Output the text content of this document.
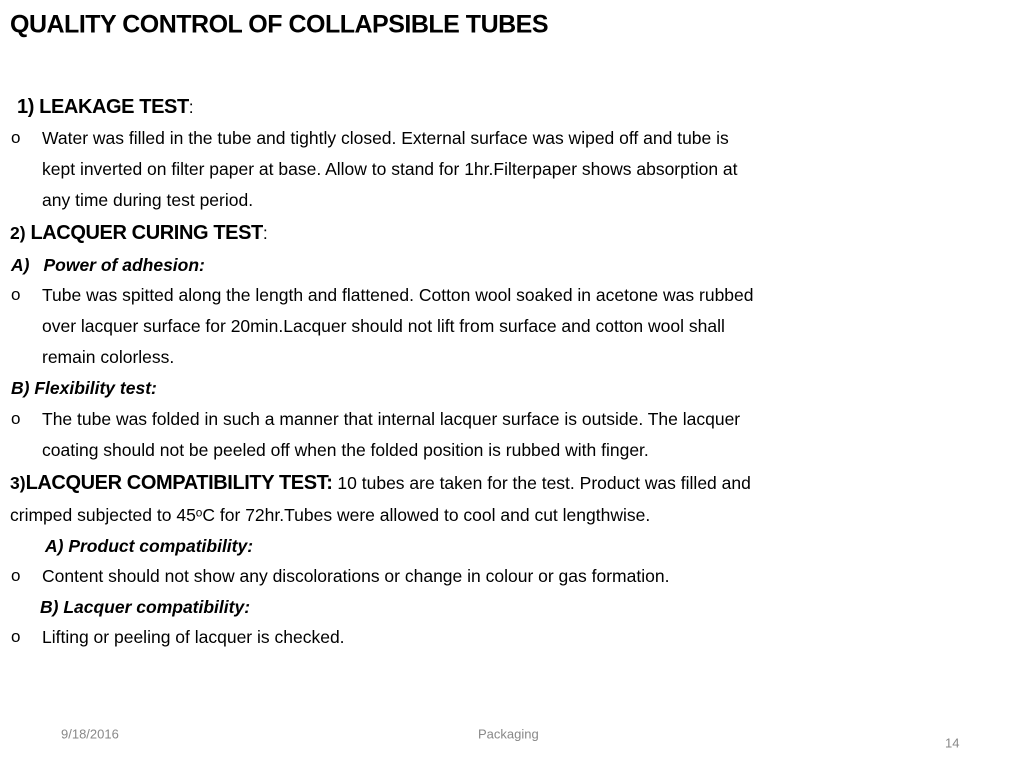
QUALITY CONTROL OF COLLAPSIBLE TUBES
1) LEAKAGE TEST:
o Water was filled in the tube and tightly closed. External surface was wiped off and tube is
kept inverted on filter paper at base. Allow to stand for 1hr.Filterpaper shows absorption at
any time during test period.
2) LACQUER CURING TEST:
A) Power of adhesion:
o Tube was spitted along the length and flattened. Cotton wool soaked in acetone was rubbed
over lacquer surface for 20min.Lacquer should not lift from surface and cotton wool shall
remain colorless.
B) Flexibility test:
o The tube was folded in such a manner that internal lacquer surface is outside. The lacquer
coating should not be peeled off when the folded position is rubbed with finger.
3)LACQUER COMPATIBILITY TEST: 10 tubes are taken for the test. Product was filled and
crimped subjected to 45ᵒC for 72hr.Tubes were allowed to cool and cut lengthwise.
A) Product compatibility:
o Content should not show any discolorations or change in colour or gas formation.
B) Lacquer compatibility:
o Lifting or peeling of lacquer is checked.
9/18/2016	Packaging
14
